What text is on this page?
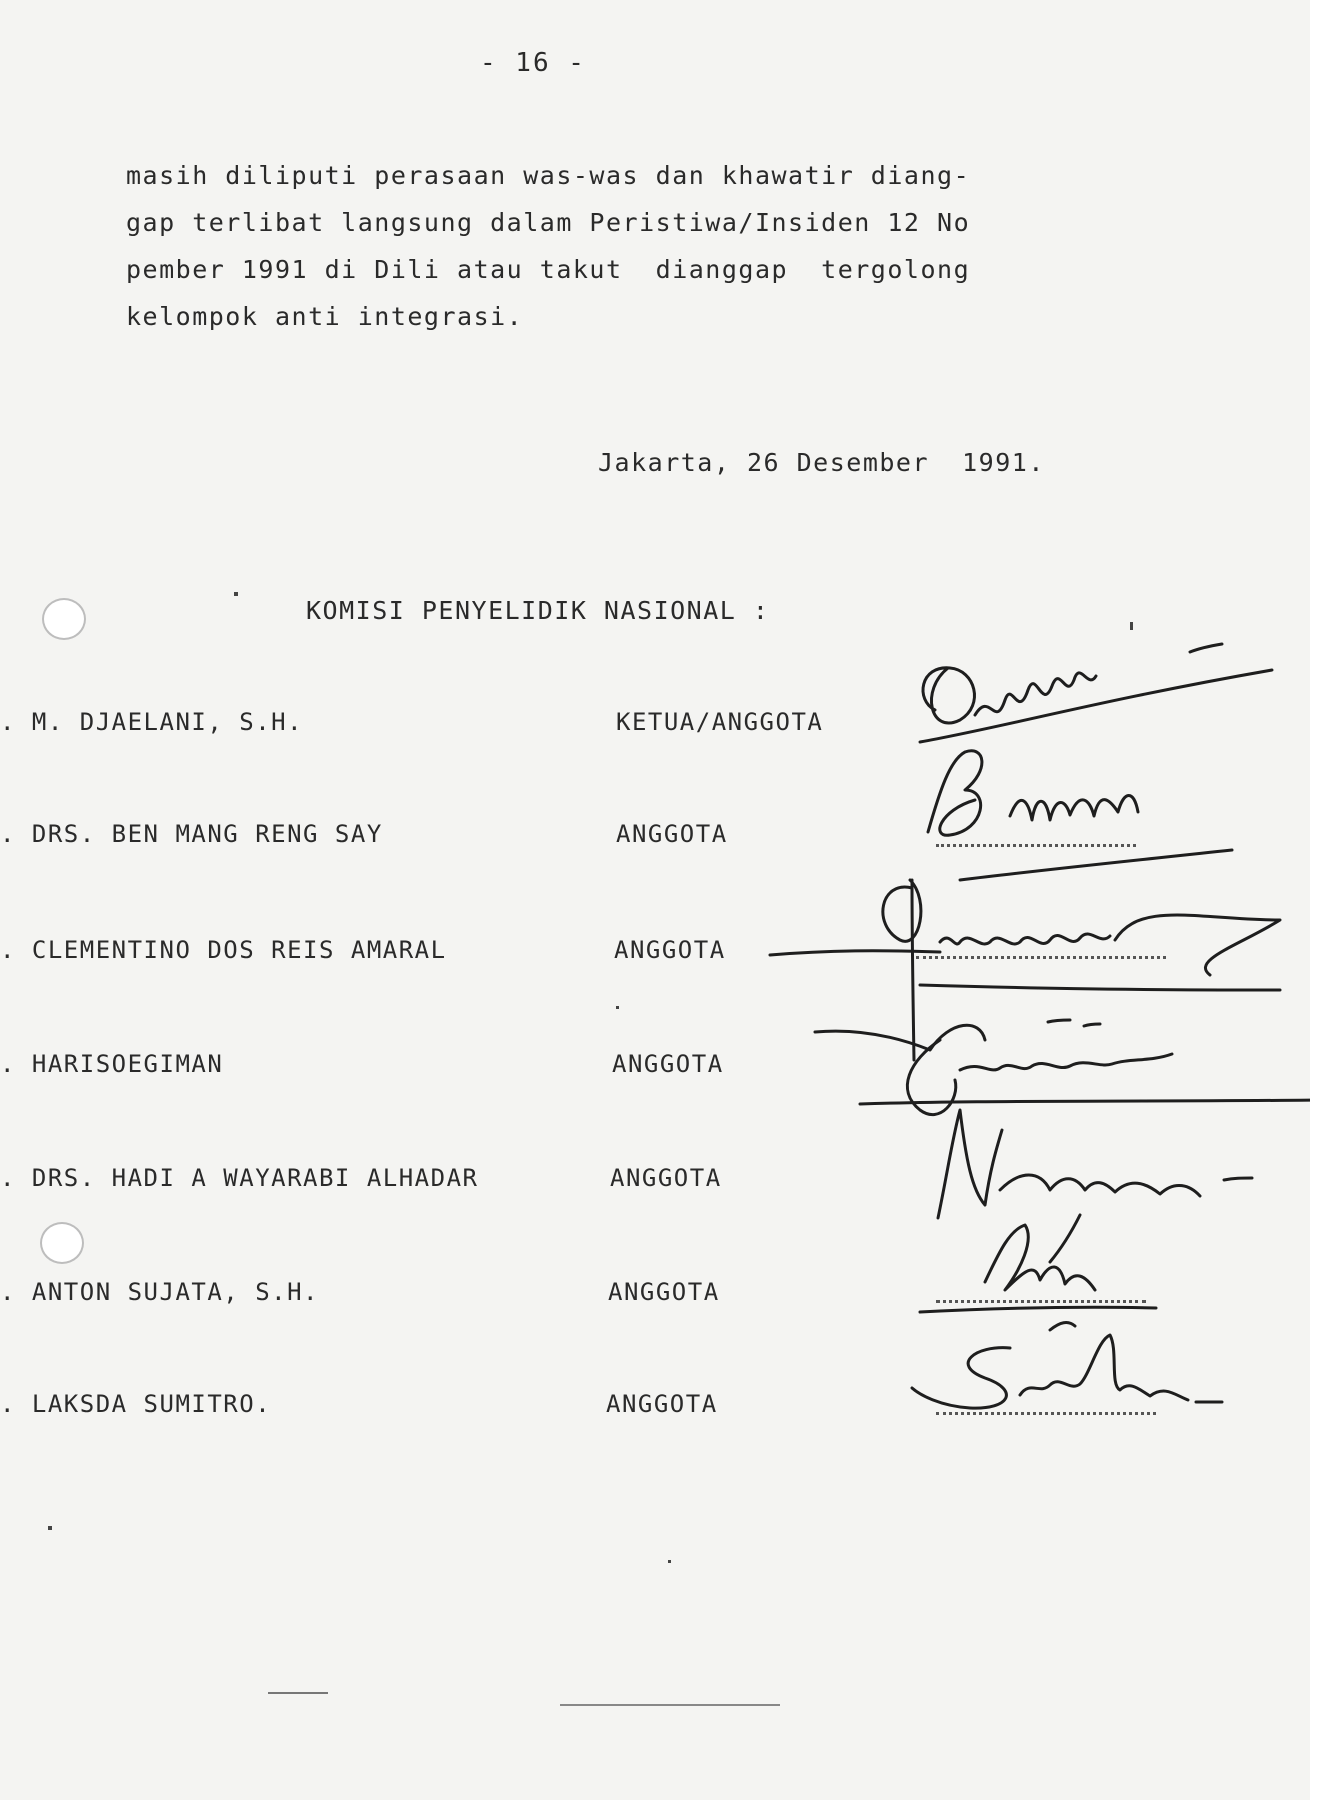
- 16 -
masih diliputi perasaan was-was dan khawatir diang-
gap terlibat langsung dalam Peristiwa/Insiden 12 No
pember 1991 di Dili atau takut  dianggap  tergolong
kelompok anti integrasi.
Jakarta, 26 Desember  1991.
KOMISI PENYELIDIK NASIONAL :
. M. DJAELANI, S.H.	KETUA/ANGGOTA
. DRS. BEN MANG RENG SAY	ANGGOTA
. CLEMENTINO DOS REIS AMARAL	ANGGOTA
. HARISOEGIMAN	ANGGOTA
. DRS. HADI A WAYARABI ALHADAR	ANGGOTA
. ANTON SUJATA, S.H.	ANGGOTA
. LAKSDA SUMITRO.	ANGGOTA
